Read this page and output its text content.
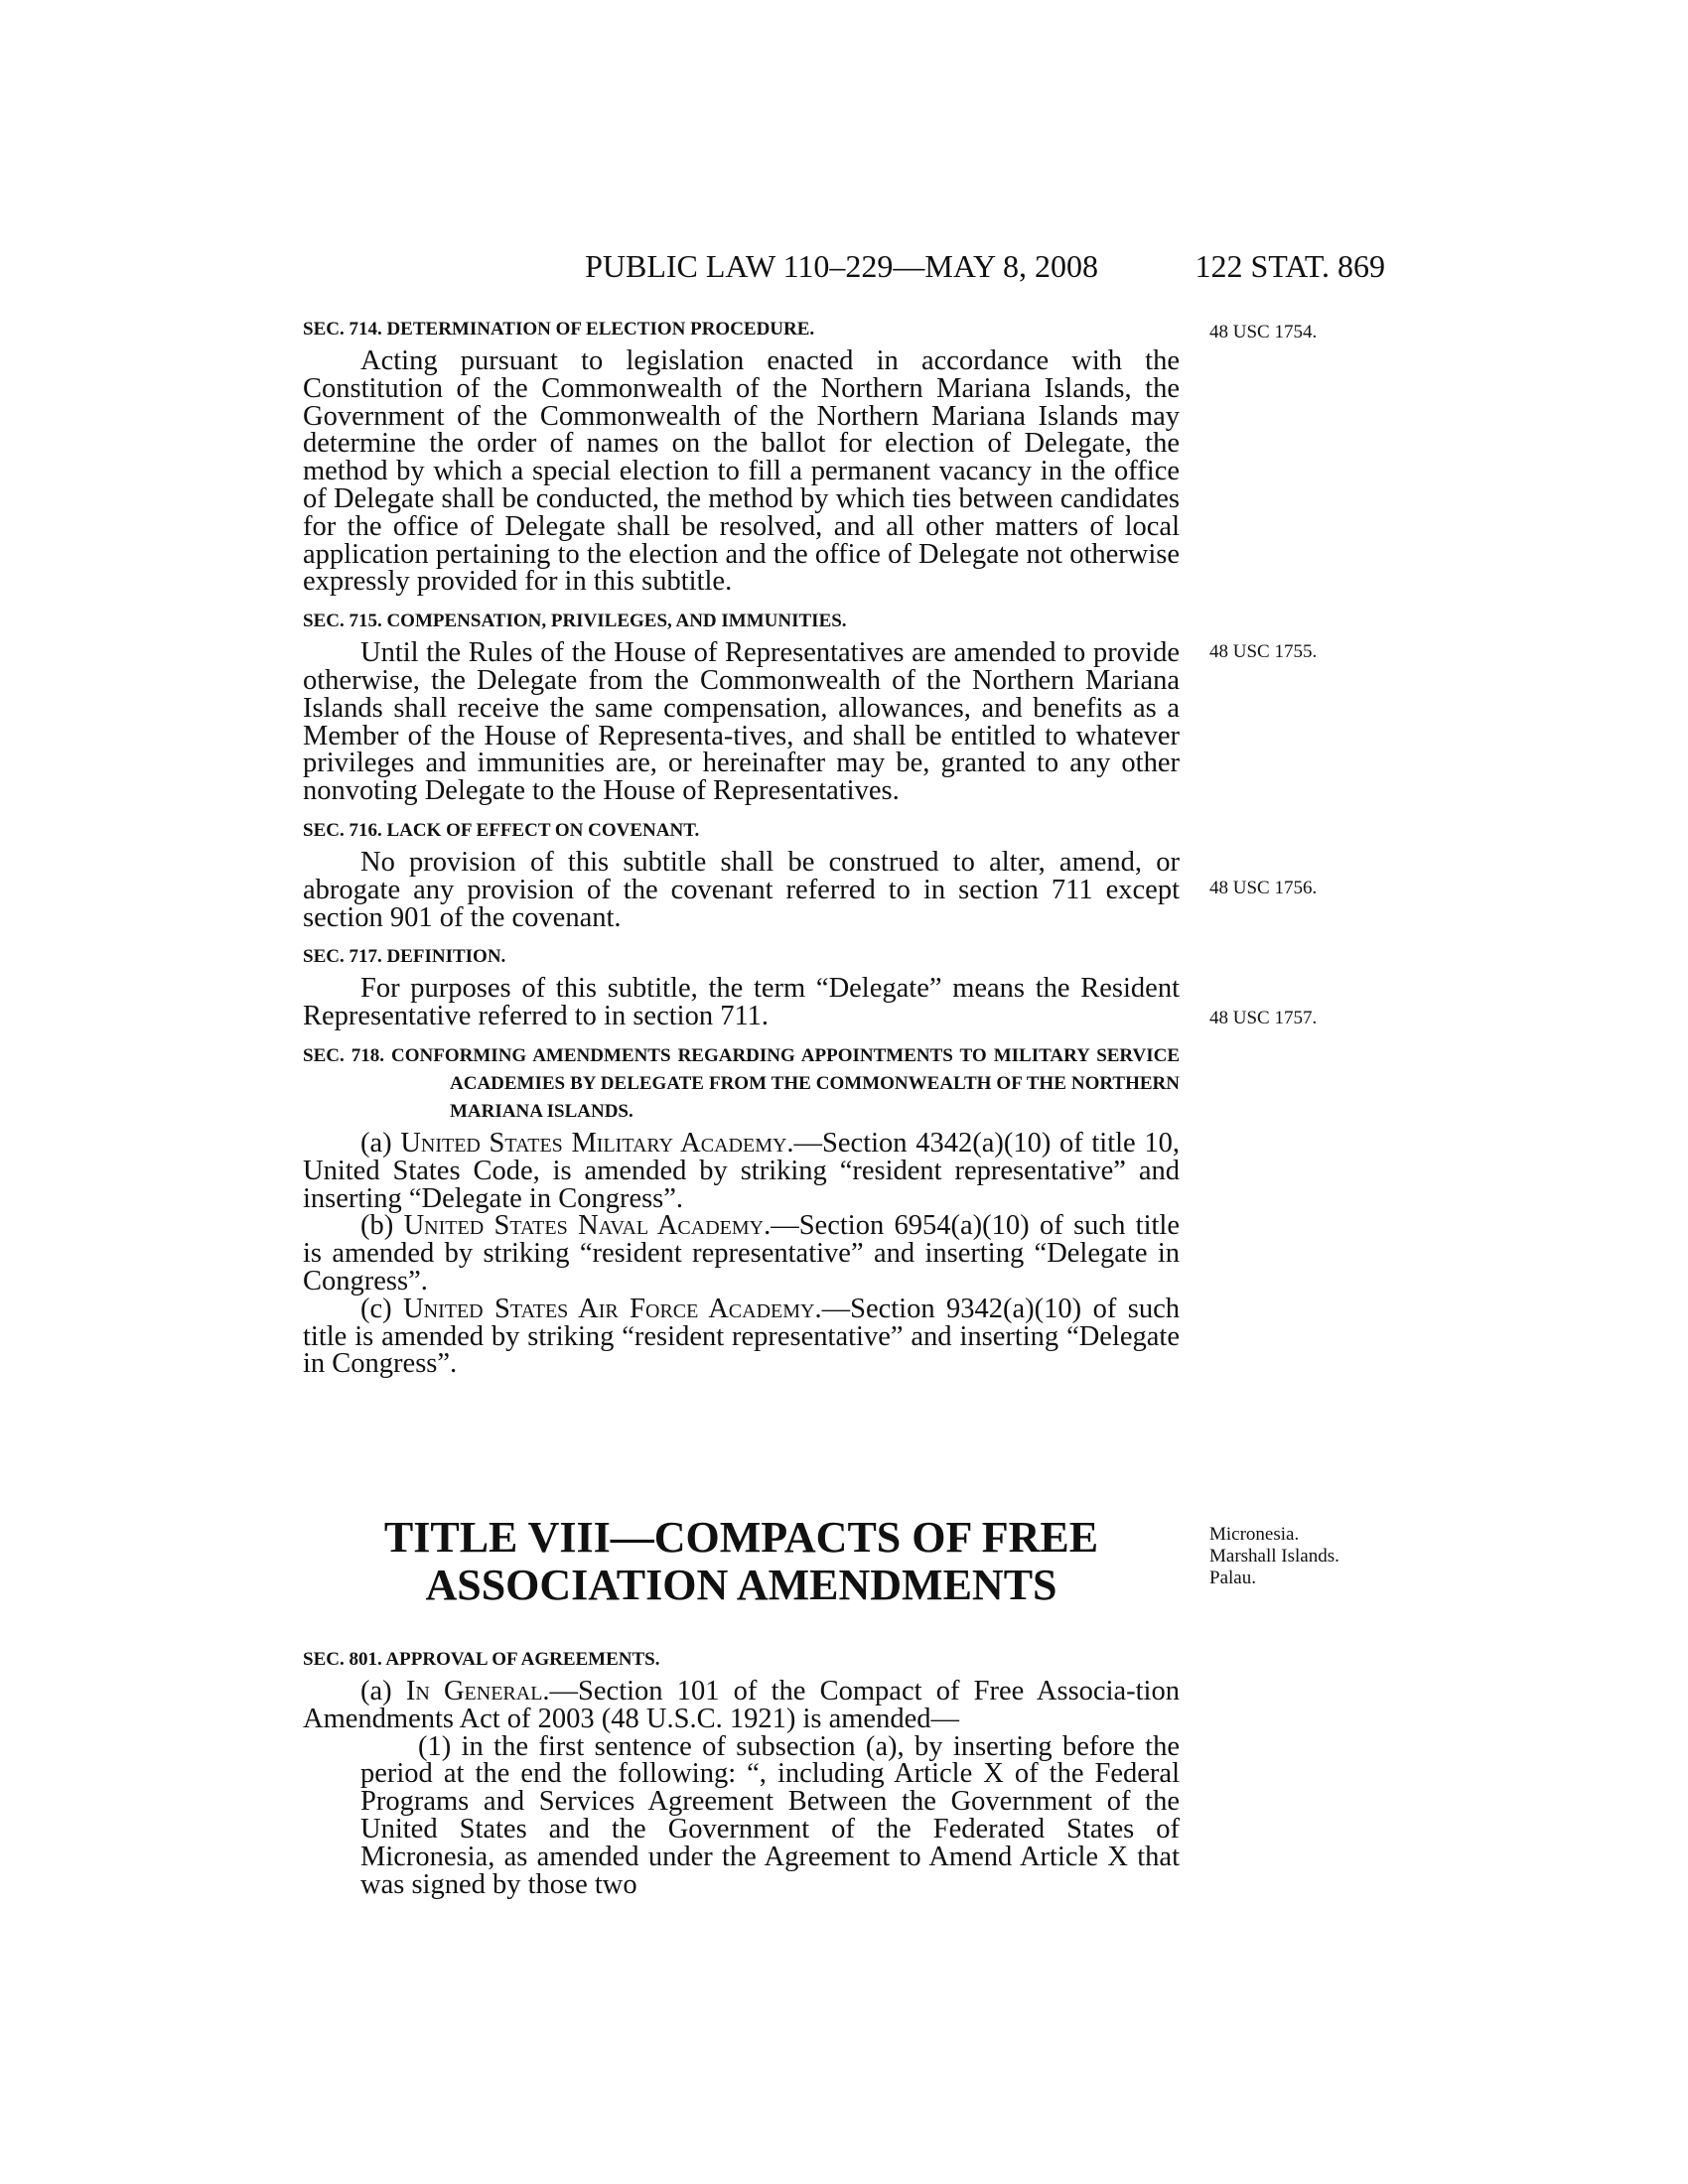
PUBLIC LAW 110–229—MAY 8, 2008	122 STAT. 869
48 USC 1754.
48 USC 1755.
48 USC 1756.
48 USC 1757.
Micronesia.
Marshall Islands.
Palau.

SEC. 714. DETERMINATION OF ELECTION PROCEDURE.

Acting pursuant to legislation enacted in accordance with the Constitution of the Commonwealth of the Northern Mariana Islands, the Government of the Commonwealth of the Northern Mariana Islands may determine the order of names on the ballot for election of Delegate, the method by which a special election to fill a permanent vacancy in the office of Delegate shall be conducted, the method by which ties between candidates for the office of Delegate shall be resolved, and all other matters of local application pertaining to the election and the office of Delegate not otherwise expressly provided for in this subtitle.

SEC. 715. COMPENSATION, PRIVILEGES, AND IMMUNITIES.

Until the Rules of the House of Representatives are amended to provide otherwise, the Delegate from the Commonwealth of the Northern Mariana Islands shall receive the same compensation, allowances, and benefits as a Member of the House of Representa-tives, and shall be entitled to whatever privileges and immunities are, or hereinafter may be, granted to any other nonvoting Delegate to the House of Representatives.

SEC. 716. LACK OF EFFECT ON COVENANT.

No provision of this subtitle shall be construed to alter, amend, or abrogate any provision of the covenant referred to in section 711 except section 901 of the covenant.

SEC. 717. DEFINITION.

For purposes of this subtitle, the term “Delegate” means the Resident Representative referred to in section 711.

SEC. 718. CONFORMING AMENDMENTS REGARDING APPOINTMENTS TO MILITARY SERVICE ACADEMIES BY DELEGATE FROM THE COMMONWEALTH OF THE NORTHERN MARIANA ISLANDS.

(a) United States Military Academy.—Section 4342(a)(10) of title 10, United States Code, is amended by striking “resident representative” and inserting “Delegate in Congress”.

(b) United States Naval Academy.—Section 6954(a)(10) of such title is amended by striking “resident representative” and inserting “Delegate in Congress”.

(c) United States Air Force Academy.—Section 9342(a)(10) of such title is amended by striking “resident representative” and inserting “Delegate in Congress”.

TITLE VIII—COMPACTS OF FREE
ASSOCIATION AMENDMENTS

SEC. 801. APPROVAL OF AGREEMENTS.

(a) In General.—Section 101 of the Compact of Free Associa-tion Amendments Act of 2003 (48 U.S.C. 1921) is amended—

(1) in the first sentence of subsection (a), by inserting before the period at the end the following: “, including Article X of the Federal Programs and Services Agreement Between the Government of the United States and the Government of the Federated States of Micronesia, as amended under the Agreement to Amend Article X that was signed by those two
